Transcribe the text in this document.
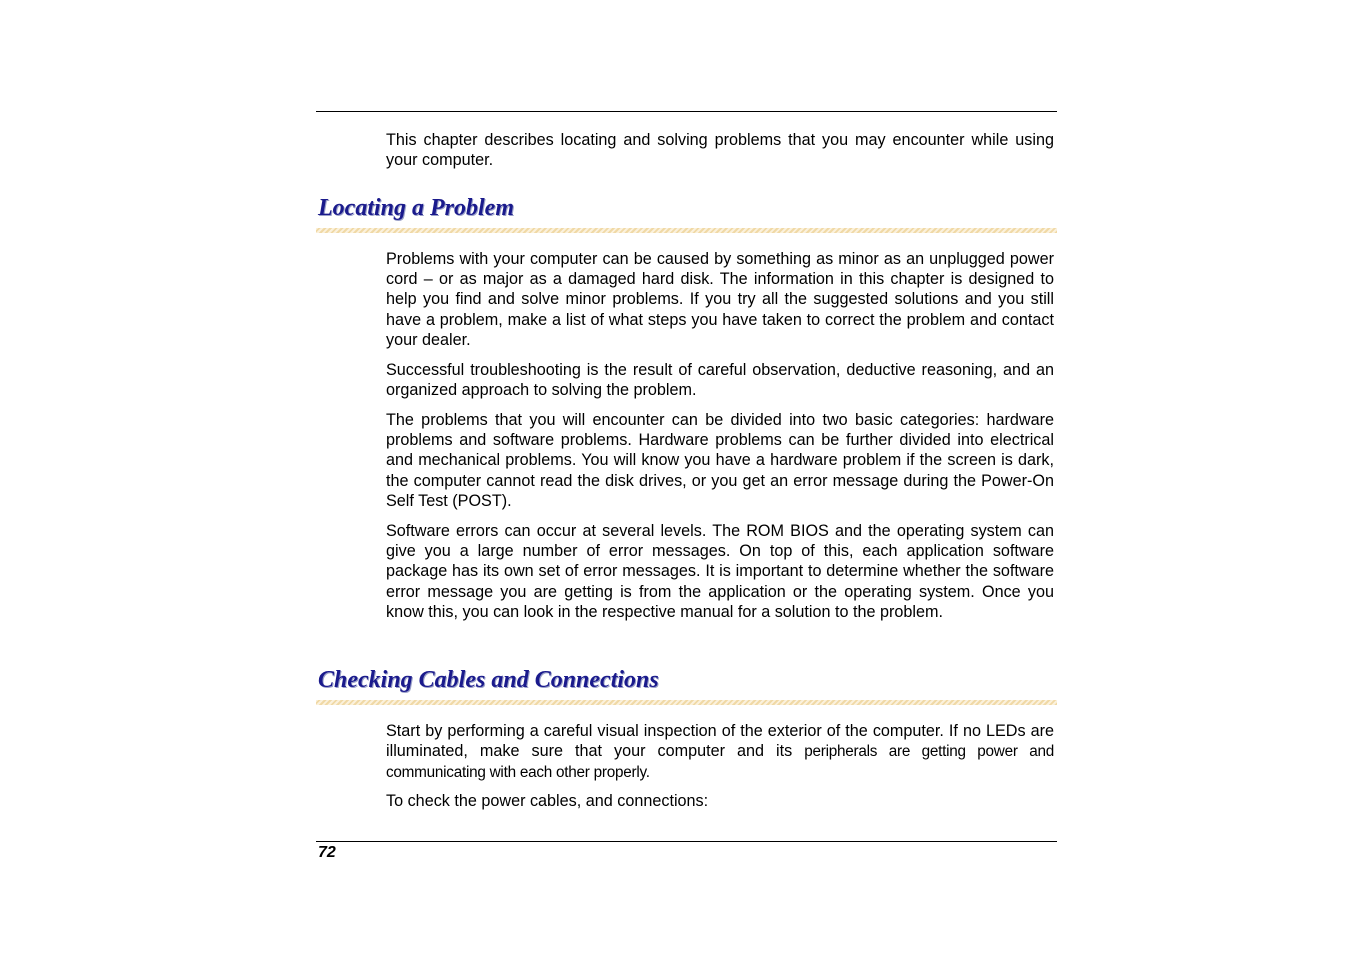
This chapter describes locating and solving problems that you may encounter while using your computer.

Locating a Problem

Problems with your computer can be caused by something as minor as an unplugged power cord – or as major as a damaged hard disk. The information in this chapter is designed to help you find and solve minor problems. If you try all the suggested solutions and you still have a problem, make a list of what steps you have taken to correct the problem and contact your dealer.

Successful troubleshooting is the result of careful observation, deductive reasoning, and an organized approach to solving the problem.

The problems that you will encounter can be divided into two basic categories: hardware problems and software problems. Hardware problems can be further divided into electrical and mechanical problems. You will know you have a hardware problem if the screen is dark, the computer cannot read the disk drives, or you get an error message during the Power-On Self Test (POST).

Software errors can occur at several levels. The ROM BIOS and the operating system can give you a large number of error messages. On top of this, each application software package has its own set of error messages. It is important to determine whether the software error message you are getting is from the application or the operating system. Once you know this, you can look in the respective manual for a solution to the problem.

Checking Cables and Connections

Start by performing a careful visual inspection of the exterior of the computer. If no LEDs are illuminated, make sure that your computer and its peripherals are getting power and communicating with each other properly.

To check the power cables, and connections:

72
